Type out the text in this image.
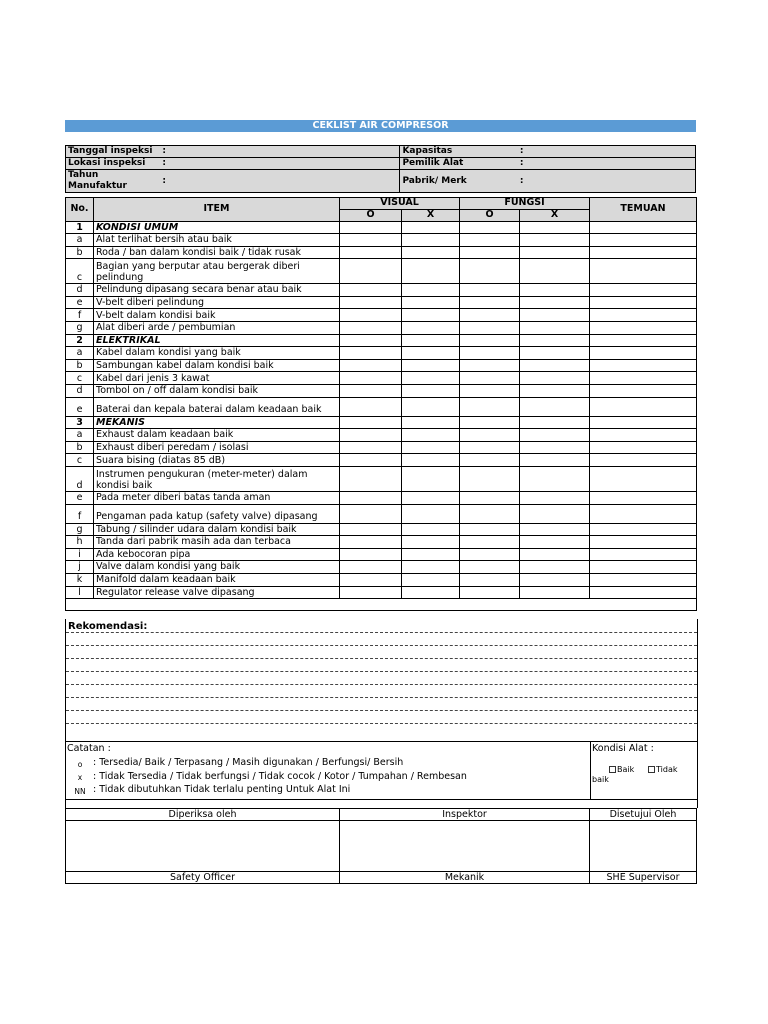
CEKLIST AIR COMPRESOR
Tanggal inspeksi	:	Kapasitas	:
Lokasi inspeksi	:	Pemilik Alat	:
Tahun Manufaktur	:	Pabrik/ Merk	:
No.	ITEM	VISUAL		FUNGSI		TEMUAN
		O	X	O	X	
1	KONDISI UMUM					
a	Alat terlihat bersih atau baik					
b	Roda / ban dalam kondisi baik / tidak rusak					
c	Bagian yang berputar atau bergerak diberi pelindung					
d	Pelindung dipasang secara benar atau baik					
e	V-belt diberi pelindung					
f	V-belt dalam kondisi baik					
g	Alat diberi arde / pembumian					
2	ELEKTRIKAL					
a	Kabel dalam kondisi yang baik					
b	Sambungan kabel dalam kondisi baik					
c	Kabel dari jenis 3 kawat					
d	Tombol on / off dalam kondisi baik					
e	Baterai dan kepala baterai dalam keadaan baik					
3	MEKANIS					
a	Exhaust dalam keadaan baik					
b	Exhaust diberi peredam / isolasi					
c	Suara bising (diatas 85 dB)					
d	Instrumen pengukuran (meter-meter) dalam kondisi baik					
e	Pada meter diberi batas tanda aman					
f	Pengaman pada katup (safety valve) dipasang					
g	Tabung / silinder udara dalam kondisi baik					
h	Tanda dari pabrik masih ada dan terbaca					
i	Ada kebocoran pipa					
j	Valve dalam kondisi yang baik					
k	Manifold dalam keadaan baik					
l	Regulator release valve dipasang					

Rekomendasi:
Catatan :
o	: Tersedia/ Baik / Terpasang / Masih digunakan / Berfungsi/ Bersih
x	: Tidak Tersedia / Tidak berfungsi / Tidak cocok / Kotor / Tumpahan / Rembesan
NN : Tidak dibutuhkan Tidak terlalu penting Untuk Alat Ini
Kondisi Alat :
Baik	Tidak
baik
Diperiksa oleh	Inspektor	Disetujui Oleh

Safety Officer	Mekanik	SHE Supervisor
